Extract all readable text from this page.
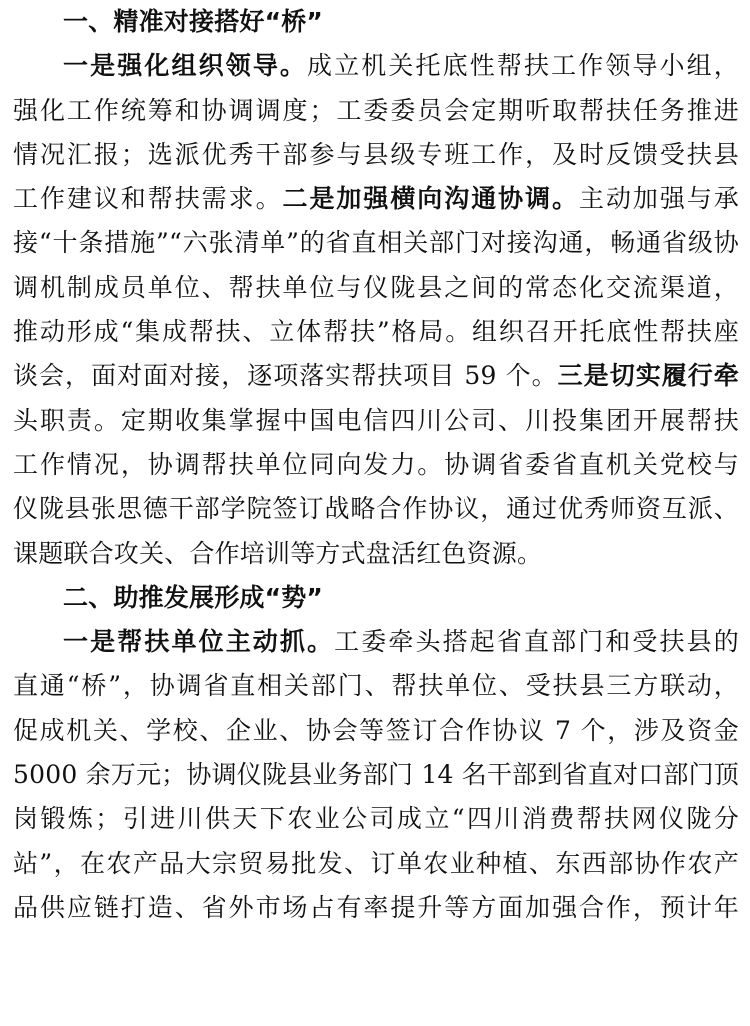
一、精准对接搭好“桥”
一是强化组织领导。成立机关托底性帮扶工作领导小组，
强化工作统筹和协调调度；工委委员会定期听取帮扶任务推进
情况汇报；选派优秀干部参与县级专班工作，及时反馈受扶县
工作建议和帮扶需求。二是加强横向沟通协调。主动加强与承
接“十条措施”“六张清单”的省直相关部门对接沟通，畅通省级协
调机制成员单位、帮扶单位与仪陇县之间的常态化交流渠道，
推动形成“集成帮扶、立体帮扶”格局。组织召开托底性帮扶座
谈会，面对面对接，逐项落实帮扶项目 59 个。三是切实履行牵
头职责。定期收集掌握中国电信四川公司、川投集团开展帮扶
工作情况，协调帮扶单位同向发力。协调省委省直机关党校与
仪陇县张思德干部学院签订战略合作协议，通过优秀师资互派、
课题联合攻关、合作培训等方式盘活红色资源。
二、助推发展形成“势”
一是帮扶单位主动抓。工委牵头搭起省直部门和受扶县的
直通“桥”，协调省直相关部门、帮扶单位、受扶县三方联动，
促成机关、学校、企业、协会等签订合作协议 7 个，涉及资金
5000 余万元；协调仪陇县业务部门 14 名干部到省直对口部门顶
岗锻炼；引进川供天下农业公司成立“四川消费帮扶网仪陇分
站”，在农产品大宗贸易批发、订单农业种植、东西部协作农产
品供应链打造、省外市场占有率提升等方面加强合作，预计年
